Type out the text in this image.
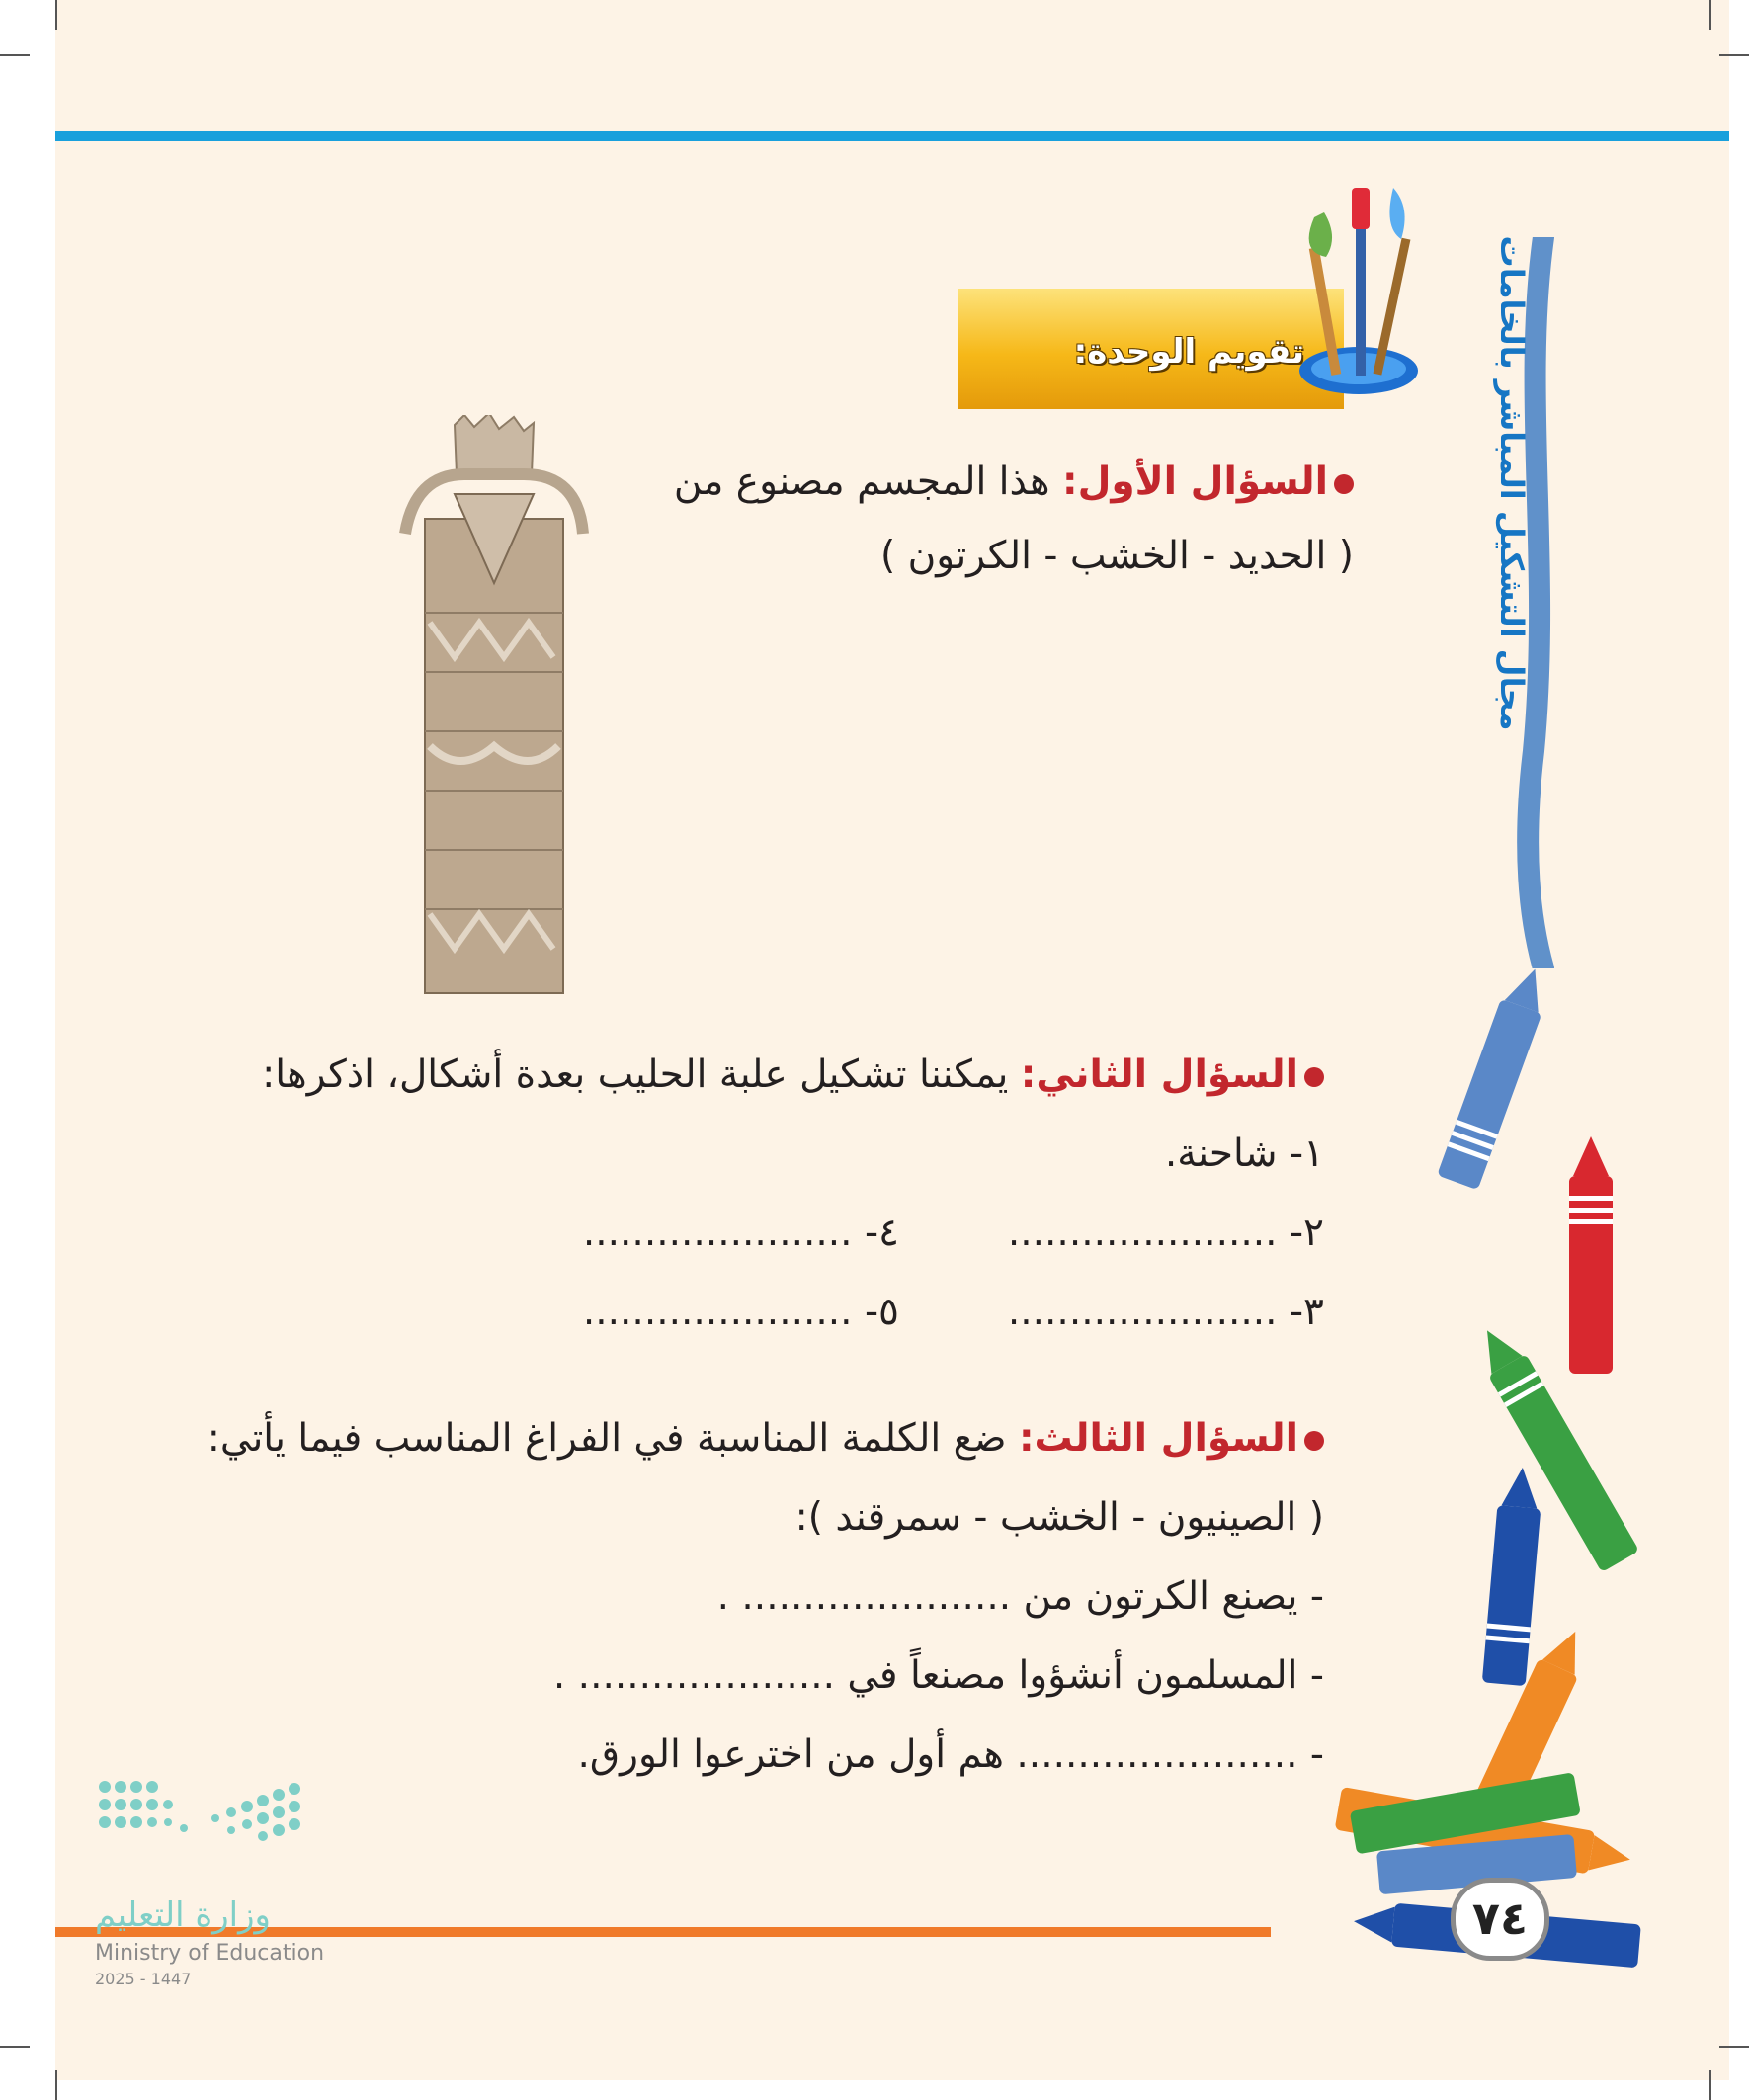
تقويم الوحدة:	مجال التشكيل المباشر بالخامات
السؤال الأول: هذا المجسم مصنوع من
( الحديد - الخشب - الكرتون )
السؤال الثاني: يمكننا تشكيل علبة الحليب بعدة أشكال، اذكرها:
١- شاحنة.
٢- ......................
٤- ......................
٣- ......................
٥- ......................
السؤال الثالث: ضع الكلمة المناسبة في الفراغ المناسب فيما يأتي:
( الصينيون - الخشب - سمرقند ):
- يصنع الكرتون من ...................... .
- المسلمون أنشؤوا مصنعاً في ..................... .
- ....................... هم أول من اخترعوا الورق.
٧٤
وزارة التعليم
Ministry of Education
2025 - 1447
